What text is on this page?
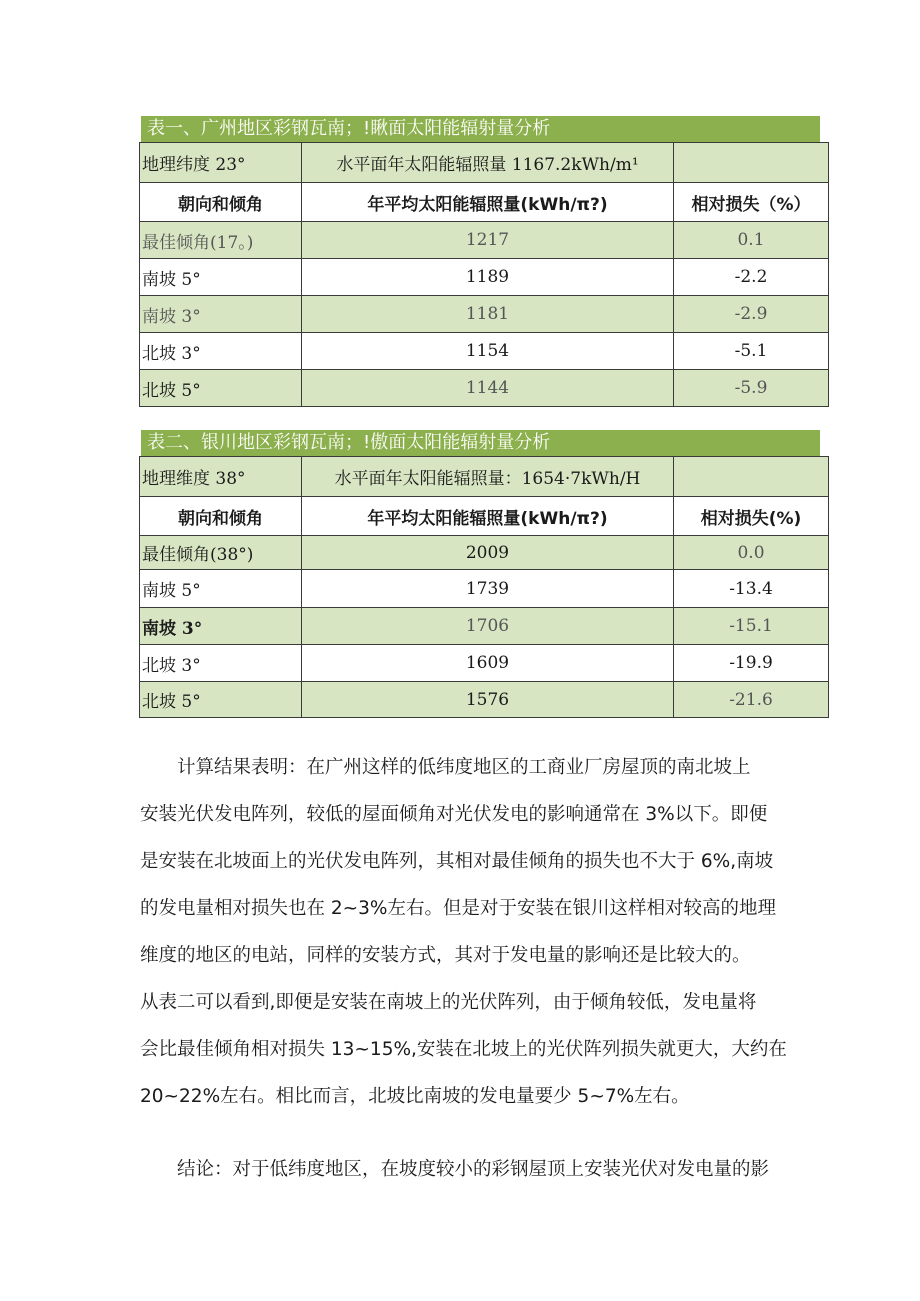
表一、广州地区彩钢瓦南；!瞅面太阳能辐射量分析
地理纬度 23°	水平面年太阳能辐照量 1167.2kWh∕m¹	
朝向和倾角	年平均太阳能辐照量(kWh∕π?)	相对损失（%）
最佳倾角(17。)	1217	0.1
南坡 5°	1189	-2.2
南坡 3°	1181	-2.9
北坡 3°	1154	-5.1
北坡 5°	1144	-5.9
表二、银川地区彩钢瓦南；!傲面太阳能辐射量分析
地理维度 38°	水平面年太阳能辐照量：1654·7kWh∕H	
朝向和倾角	年平均太阳能辐照量(kWh∕π?)	相对损失(%)
最佳倾角(38°)	2009	0.0
南坡 5°	1739	-13.4
南坡 3°	1706	-15.1
北坡 3°	1609	-19.9
北坡 5°	1576	-21.6

　　计算结果表明：在广州这样的低纬度地区的工商业厂房屋顶的南北坡上

安装光伏发电阵列，较低的屋面倾角对光伏发电的影响通常在 3%以下。即便

是安装在北坡面上的光伏发电阵列，其相对最佳倾角的损失也不大于 6%,南坡

的发电量相对损失也在 2~3%左右。但是对于安装在银川这样相对较高的地理

维度的地区的电站，同样的安装方式，其对于发电量的影响还是比较大的。

从表二可以看到,即便是安装在南坡上的光伏阵列，由于倾角较低，发电量将

会比最佳倾角相对损失 13~15%,安装在北坡上的光伏阵列损失就更大，大约在

20~22%左右。相比而言，北坡比南坡的发电量要少 5~7%左右。

　　结论：对于低纬度地区，在坡度较小的彩钢屋顶上安装光伏对发电量的影
